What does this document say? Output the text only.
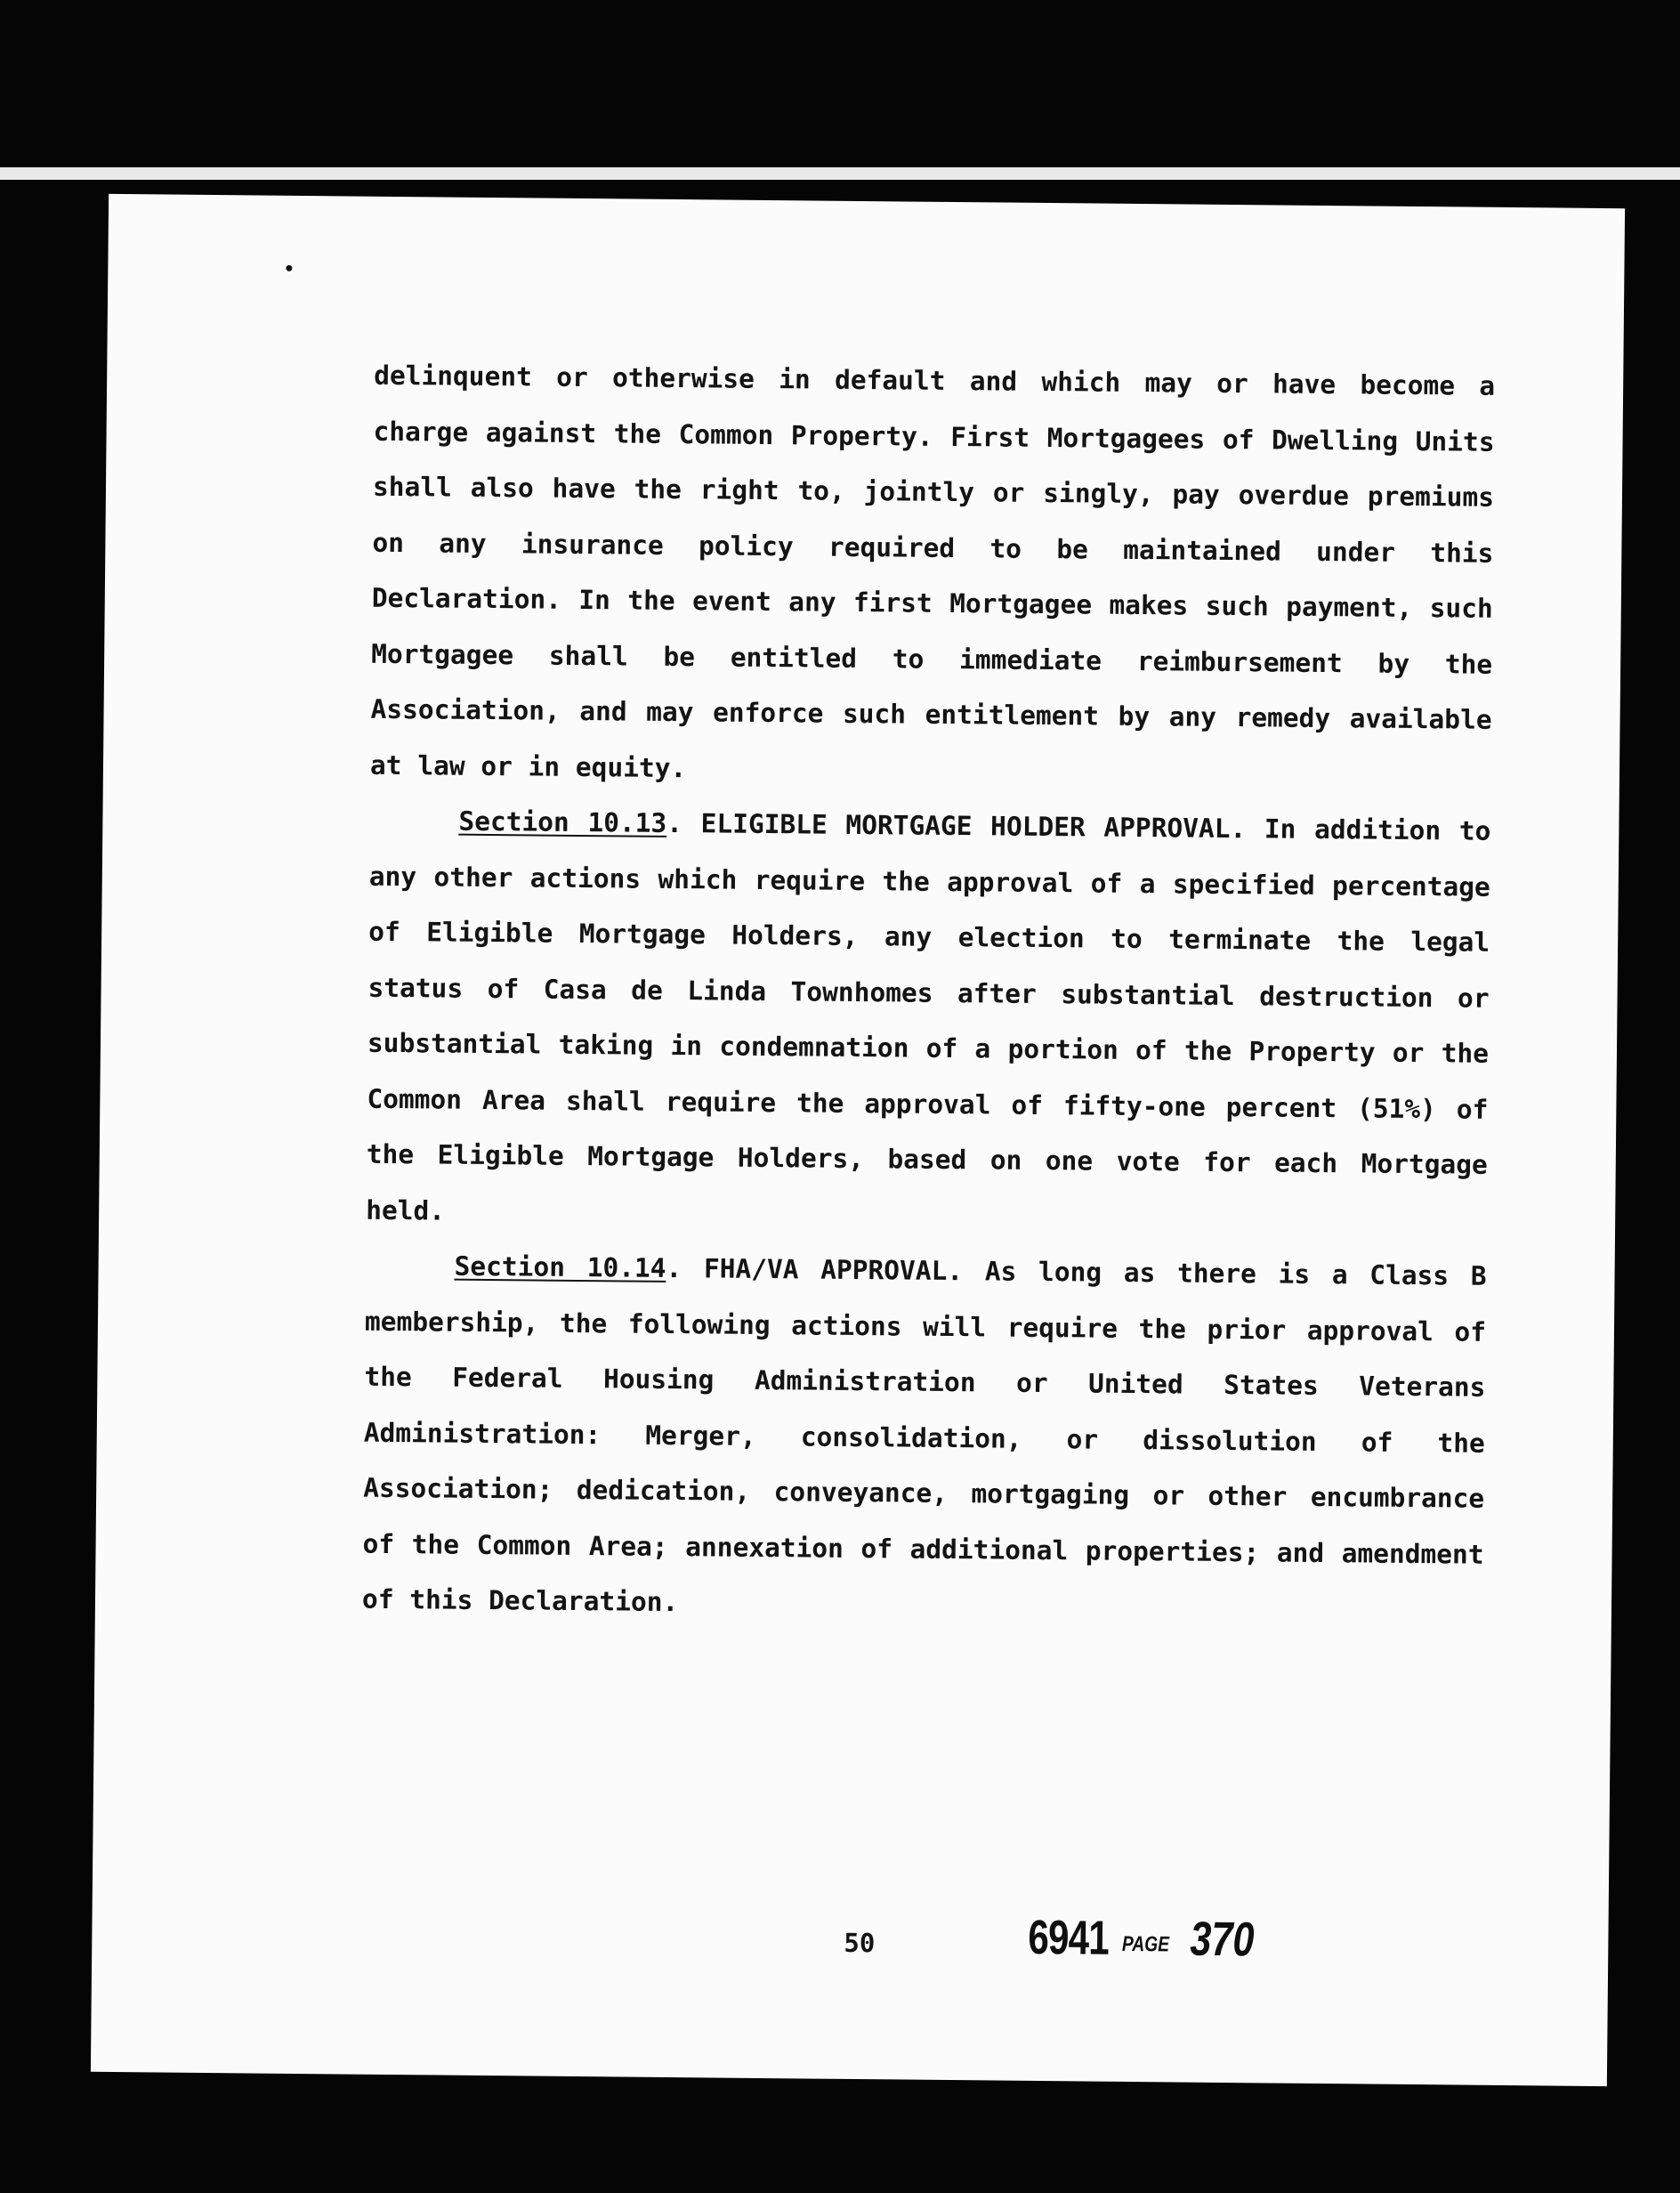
delinquent or otherwise in default and which may or have become a charge against the Common Property. First Mortgagees of Dwelling Units shall also have the right to, jointly or singly, pay overdue premiums on any insurance policy required to be maintained under this Declaration. In the event any first Mortgagee makes such payment, such Mortgagee shall be entitled to immediate reimbursement by the Association, and may enforce such entitlement by any remedy available at law or in equity.

Section 10.13. ELIGIBLE MORTGAGE HOLDER APPROVAL. In addition to any other actions which require the approval of a specified percentage of Eligible Mortgage Holders, any election to terminate the legal status of Casa de Linda Townhomes after substantial destruction or substantial taking in condemnation of a portion of the Property or the Common Area shall require the approval of fifty-one percent (51%) of the Eligible Mortgage Holders, based on one vote for each Mortgage held.

Section 10.14. FHA/VA APPROVAL. As long as there is a Class B membership, the following actions will require the prior approval of the Federal Housing Administration or United States Veterans Administration: Merger, consolidation, or dissolution of the Association; dedication, conveyance, mortgaging or other encumbrance of the Common Area; annexation of additional properties; and amendment of this Declaration.

50	6941 PAGE 370
